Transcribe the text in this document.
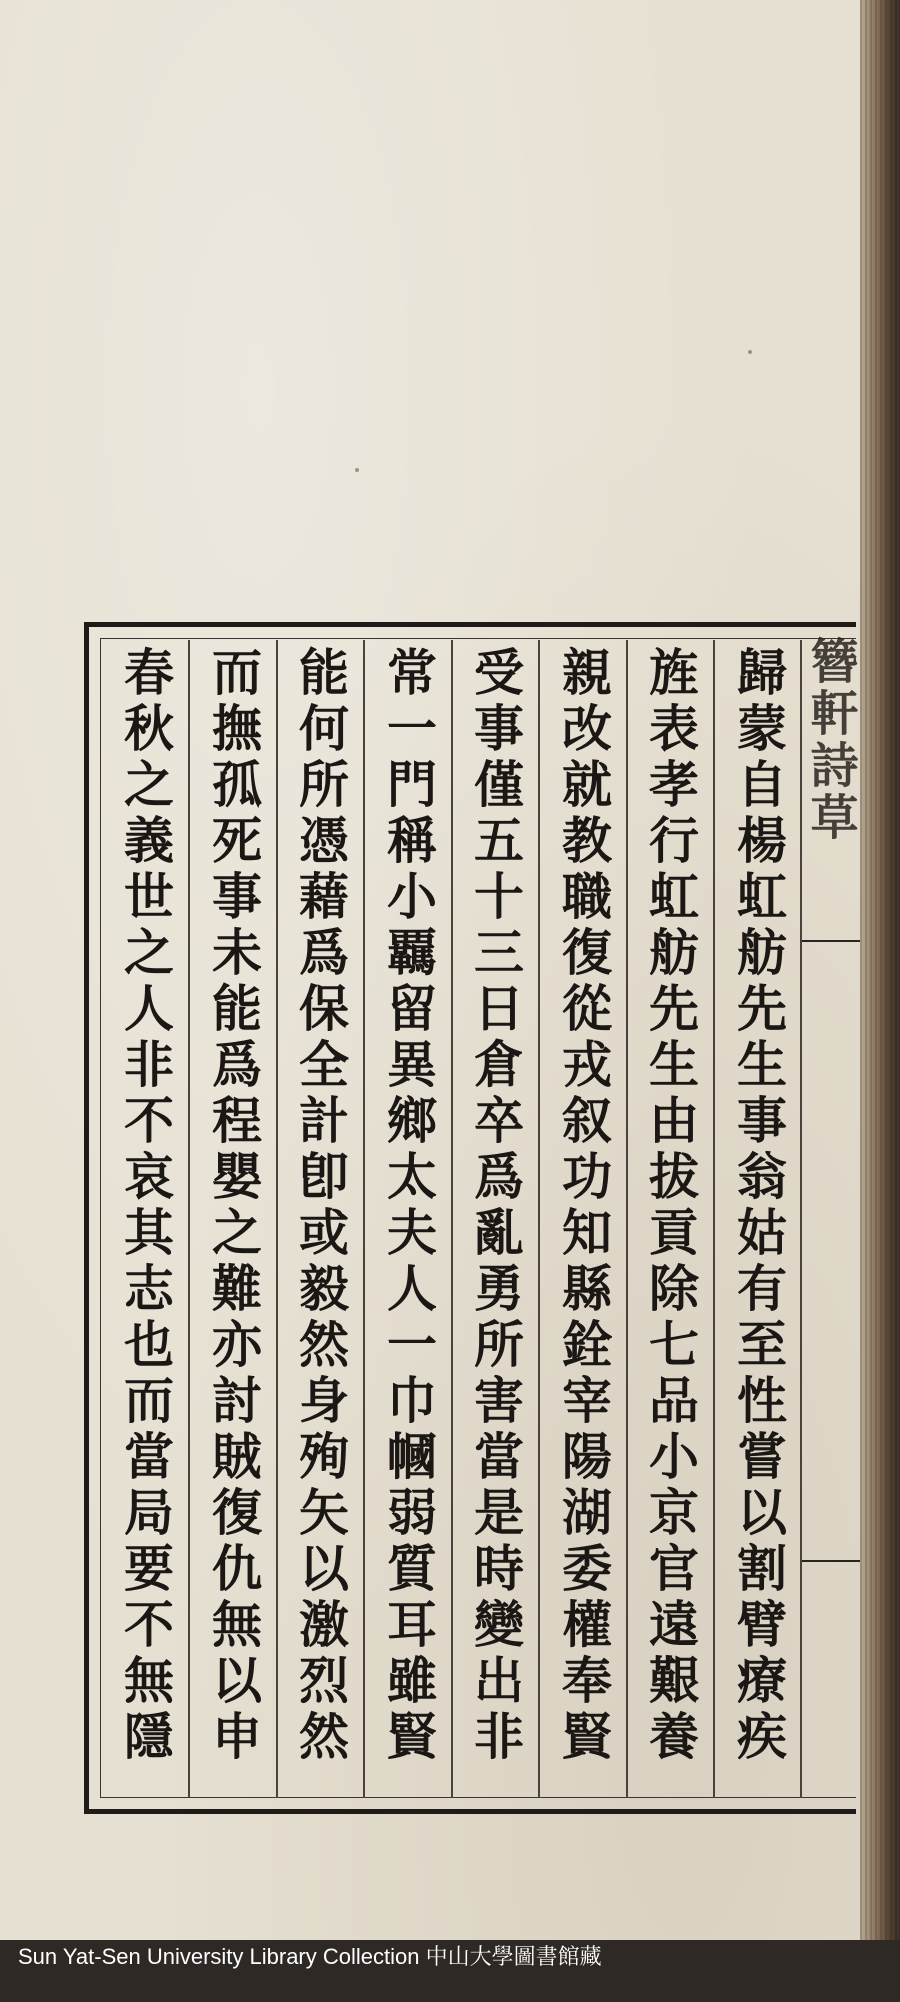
Sun Yat-Sen University Library Collection 中山大學圖書館藏
簪軒詩草
歸蒙自楊虹舫先生事翁姑有至性嘗以割臂療疾
旌表孝行虹舫先生由拔貢除七品小京官遠艱養
親改就教職復從戎叙功知縣銓宰陽湖委權奉賢
受事僅五十三日倉卒爲亂勇所害當是時變出非
常一門稱小覊留異鄉太夫人一巾幗弱質耳雖賢
能何所憑藉爲保全計卽或毅然身殉矢以激烈然
而撫孤死事未能爲程嬰之難亦討賊復仇無以申
春秋之義世之人非不哀其志也而當局要不無隱
